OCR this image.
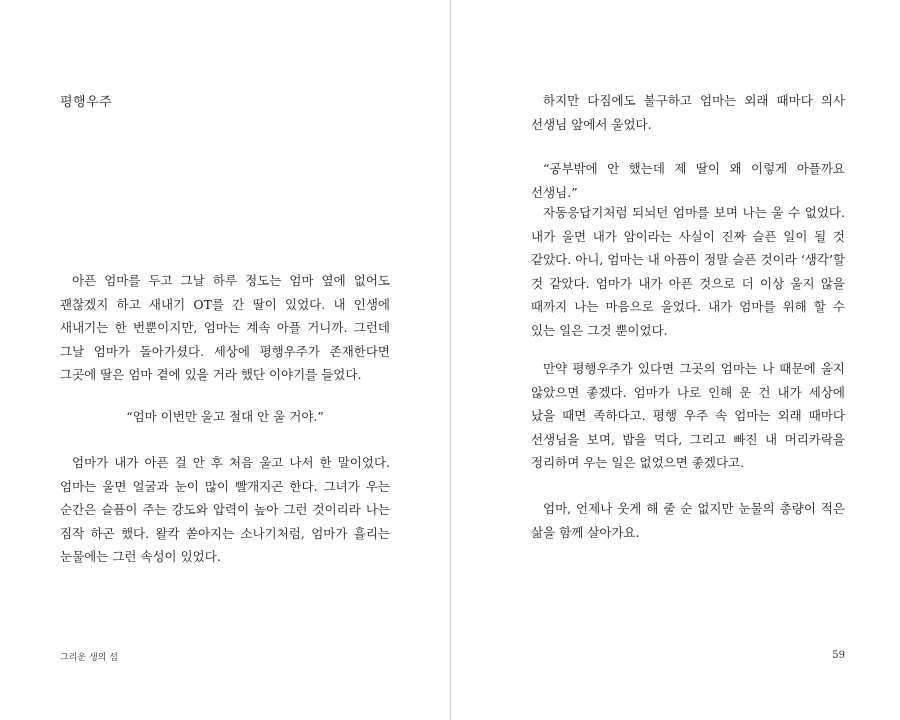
평행우주

아픈 엄마를 두고 그날 하루 정도는 엄마 옆에 없어도 괜찮겠지 하고 새내기 OT를 간 딸이 있었다. 내 인생에 새내기는 한 번뿐이지만, 엄마는 계속 아플 거니까. 그런데 그날 엄마가 돌아가셨다. 세상에 평행우주가 존재한다면 그곳에 딸은 엄마 곁에 있을 거라 했단 이야기를 들었다.

“엄마 이번만 울고 절대 안 울 거야.”

엄마가 내가 아픈 걸 안 후 처음 울고 나서 한 말이었다. 엄마는 울면 얼굴과 눈이 많이 빨개지곤 한다. 그녀가 우는 순간은 슬픔이 주는 강도와 압력이 높아 그런 것이리라 나는 짐작 하곤 했다. 왈칵 쏟아지는 소나기처럼, 엄마가 흘리는 눈물에는 그런 속성이 있었다.

그리운 생의 섬

하지만 다짐에도 불구하고 엄마는 외래 때마다 의사 선생님 앞에서 울었다.

“공부밖에 안 했는데 제 딸이 왜 이렇게 아플까요 선생님.”

자동응답기처럼 되뇌던 엄마를 보며 나는 울 수 없었다. 내가 울면 내가 암이라는 사실이 진짜 슬픈 일이 될 것 같았다. 아니, 엄마는 내 아픔이 정말 슬픈 것이라 ‘생각’할 것 같았다. 엄마가 내가 아픈 것으로 더 이상 울지 않을 때까지 나는 마음으로 울었다. 내가 엄마를 위해 할 수 있는 일은 그것 뿐이었다.

만약 평행우주가 있다면 그곳의 엄마는 나 때문에 울지 않았으면 좋겠다. 엄마가 나로 인해 운 건 내가 세상에 났을 때면 족하다고. 평행 우주 속 엄마는 외래 때마다 선생님을 보며, 밥을 먹다, 그리고 빠진 내 머리카락을 정리하며 우는 일은 없었으면 좋겠다고.

엄마, 언제나 웃게 해 줄 순 없지만 눈물의 총량이 적은 삶을 함께 살아가요.

59
